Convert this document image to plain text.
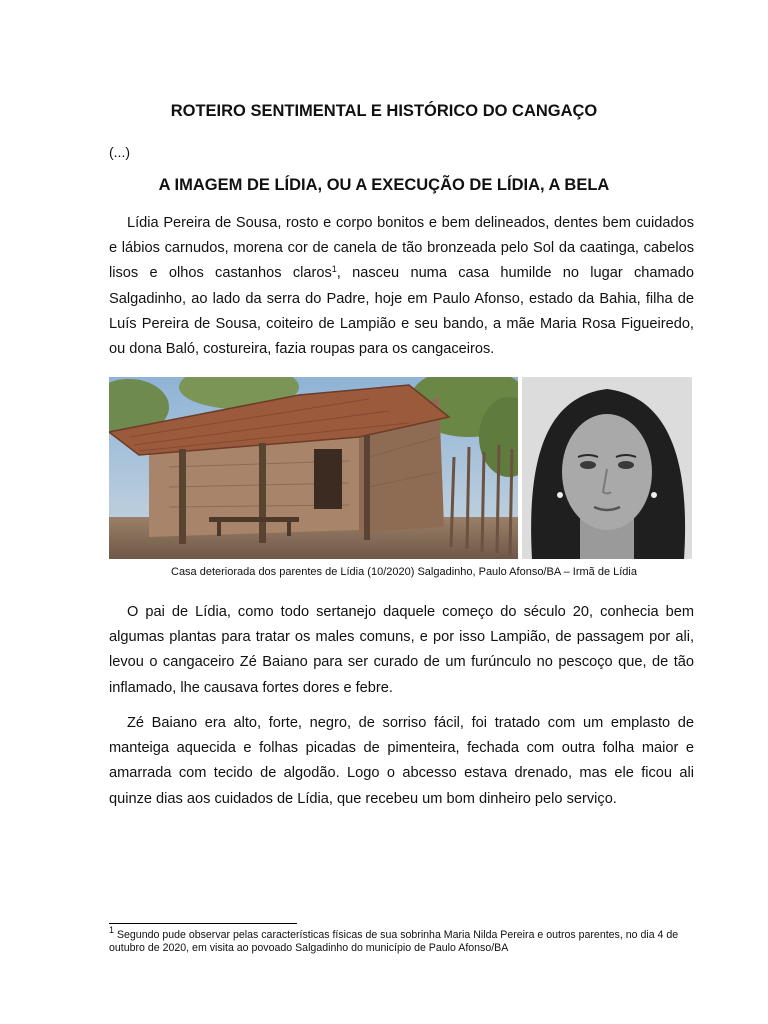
ROTEIRO SENTIMENTAL E HISTÓRICO DO CANGAÇO
(...)
A IMAGEM DE LÍDIA, OU A EXECUÇÃO DE LÍDIA, A BELA

Lídia Pereira de Sousa, rosto e corpo bonitos e bem delineados, dentes bem cuidados e lábios carnudos, morena cor de canela de tão bronzeada pelo Sol da caatinga, cabelos lisos e olhos castanhos claros$^1$, nasceu numa casa humilde no lugar chamado Salgadinho, ao lado da serra do Padre, hoje em Paulo Afonso, estado da Bahia, filha de Luís Pereira de Sousa, coiteiro de Lampião e seu bando, a mãe Maria Rosa Figueiredo, ou dona Baló, costureira, fazia roupas para os cangaceiros.

Casa deteriorada dos parentes de Lídia (10/2020) Salgadinho, Paulo Afonso/BA – Irmã de Lídia

O pai de Lídia, como todo sertanejo daquele começo do século 20, conhecia bem algumas plantas para tratar os males comuns, e por isso Lampião, de passagem por ali, levou o cangaceiro Zé Baiano para ser curado de um furúnculo no pescoço que, de tão inflamado, lhe causava fortes dores e febre.

Zé Baiano era alto, forte, negro, de sorriso fácil, foi tratado com um emplasto de manteiga aquecida e folhas picadas de pimenteira, fechada com outra folha maior e amarrada com tecido de algodão. Logo o abcesso estava drenado, mas ele ficou ali quinze dias aos cuidados de Lídia, que recebeu um bom dinheiro pelo serviço.

$^1$ Segundo pude observar pelas características físicas de sua sobrinha Maria Nilda Pereira e outros parentes, no dia 4 de outubro de 2020, em visita ao povoado Salgadinho do município de Paulo Afonso/BA
